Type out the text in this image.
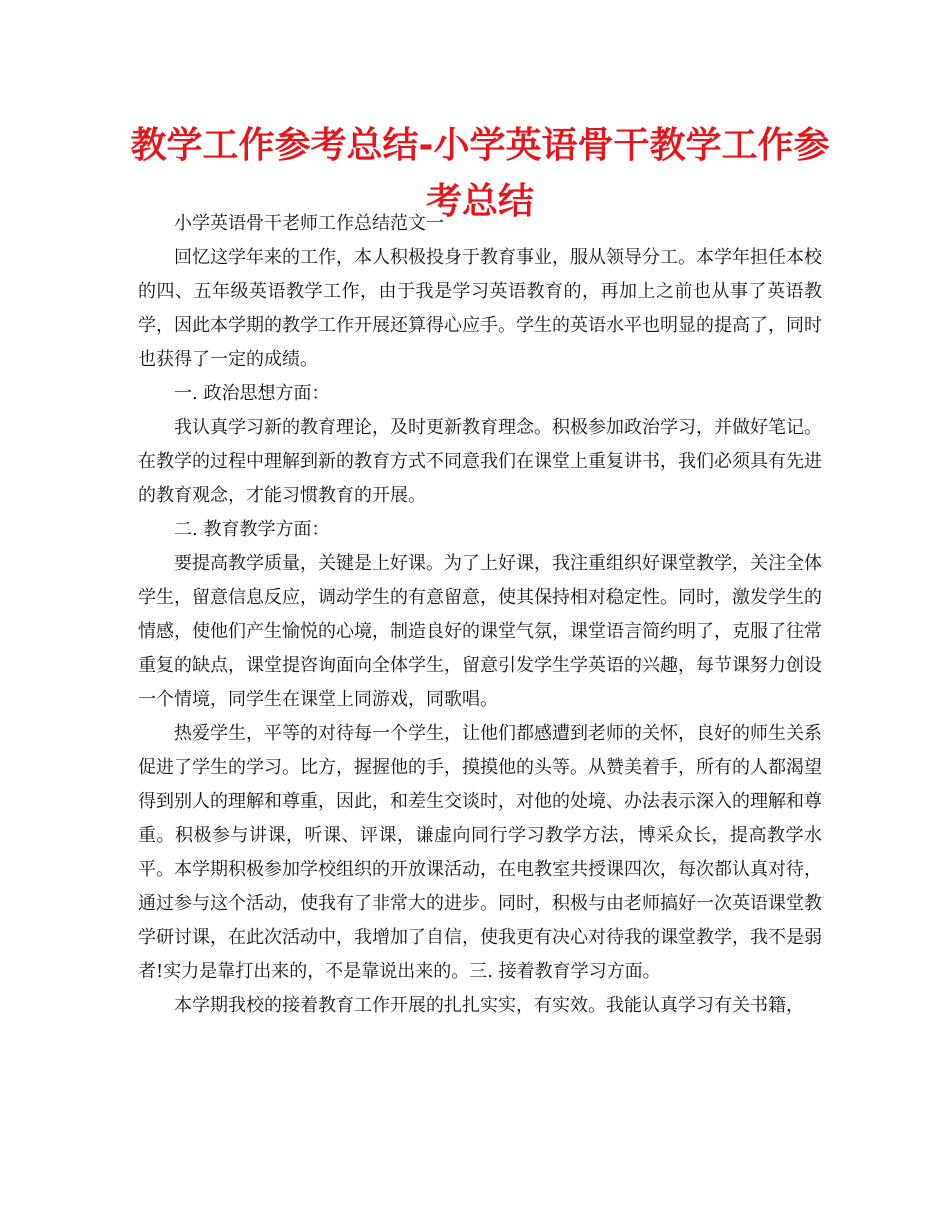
教学工作参考总结-小学英语骨干教学工作参考总结

小学英语骨干老师工作总结范文一

回忆这学年来的工作，本人积极投身于教育事业，服从领导分工。本学年担任本校的四、五年级英语教学工作，由于我是学习英语教育的，再加上之前也从事了英语教学，因此本学期的教学工作开展还算得心应手。学生的英语水平也明显的提高了，同时也获得了一定的成绩。

一. 政治思想方面：

我认真学习新的教育理论，及时更新教育理念。积极参加政治学习，并做好笔记。在教学的过程中理解到新的教育方式不同意我们在课堂上重复讲书，我们必须具有先进的教育观念，才能习惯教育的开展。

二. 教育教学方面：

要提高教学质量，关键是上好课。为了上好课，我注重组织好课堂教学，关注全体学生，留意信息反应，调动学生的有意留意，使其保持相对稳定性。同时，激发学生的情感，使他们产生愉悦的心境，制造良好的课堂气氛，课堂语言简约明了，克服了往常重复的缺点，课堂提咨询面向全体学生，留意引发学生学英语的兴趣，每节课努力创设一个情境，同学生在课堂上同游戏，同歌唱。

热爱学生，平等的对待每一个学生，让他们都感遭到老师的关怀，良好的师生关系促进了学生的学习。比方，握握他的手，摸摸他的头等。从赞美着手，所有的人都渴望得到别人的理解和尊重，因此，和差生交谈时，对他的处境、办法表示深入的理解和尊重。积极参与讲课，听课、评课，谦虚向同行学习教学方法，博采众长，提高教学水平。本学期积极参加学校组织的开放课活动，在电教室共授课四次，每次都认真对待，通过参与这个活动，使我有了非常大的进步。同时，积极与由老师搞好一次英语课堂教学研讨课，在此次活动中，我增加了自信，使我更有决心对待我的课堂教学，我不是弱者!实力是靠打出来的，不是靠说出来的。三. 接着教育学习方面。

本学期我校的接着教育工作开展的扎扎实实，有实效。我能认真学习有关书籍，
